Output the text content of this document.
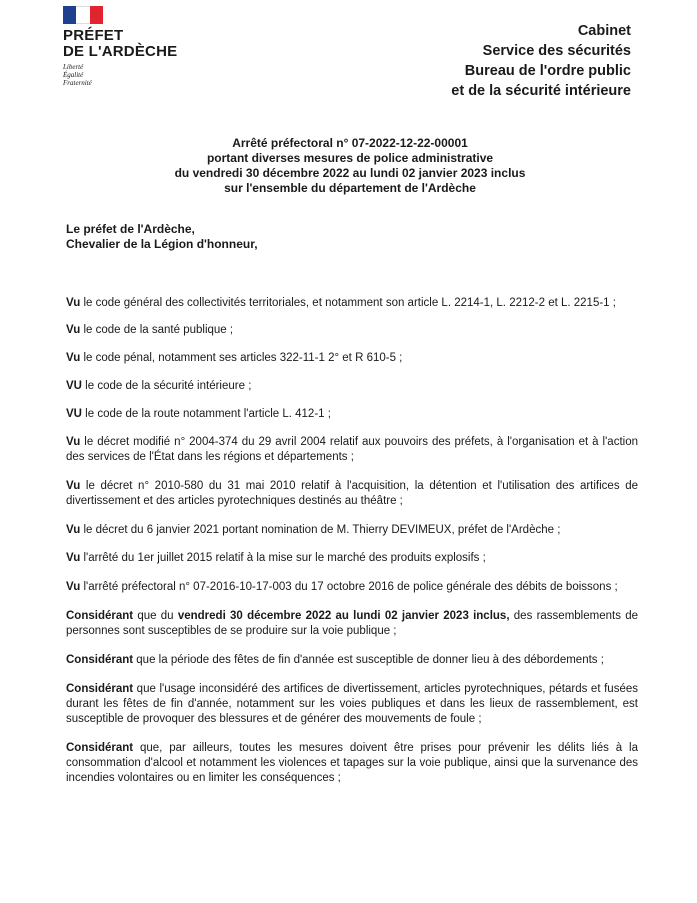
PRÉFET
DE L'ARDÈCHE
Liberté
Égalité
Fraternité
Cabinet
Service des sécurités
Bureau de l'ordre public
et de la sécurité intérieure
Arrêté préfectoral n° 07-2022-12-22-00001
portant diverses mesures de police administrative
du vendredi 30 décembre 2022 au lundi 02 janvier 2023 inclus
sur l'ensemble du département de l'Ardèche
Le préfet de l'Ardèche,
Chevalier de la Légion d'honneur,

Vu le code général des collectivités territoriales, et notamment son article L. 2214-1, L. 2212-2 et L. 2215-1 ;

Vu le code de la santé publique ;

Vu le code pénal, notamment ses articles 322-11-1 2° et R 610-5 ;

VU le code de la sécurité intérieure ;

VU le code de la route notamment l'article L. 412-1 ;

Vu le décret modifié n° 2004-374 du 29 avril 2004 relatif aux pouvoirs des préfets, à l'organisation et à l'action des services de l'État dans les régions et départements ;

Vu le décret n° 2010-580 du 31 mai 2010 relatif à l'acquisition, la détention et l'utilisation des artifices de divertissement et des articles pyrotechniques destinés au théâtre ;

Vu le décret du 6 janvier 2021 portant nomination de M. Thierry DEVIMEUX, préfet de l'Ardèche ;

Vu l'arrêté du 1er juillet 2015 relatif à la mise sur le marché des produits explosifs ;

Vu l'arrêté préfectoral n° 07-2016-10-17-003 du 17 octobre 2016 de police générale des débits de boissons ;

Considérant que du vendredi 30 décembre 2022 au lundi 02 janvier 2023 inclus, des rassemblements de personnes sont susceptibles de se produire sur la voie publique ;

Considérant que la période des fêtes de fin d'année est susceptible de donner lieu à des débordements ;

Considérant que l'usage inconsidéré des artifices de divertissement, articles pyrotechniques, pétards et fusées durant les fêtes de fin d'année, notamment sur les voies publiques et dans les lieux de rassemblement, est susceptible de provoquer des blessures et de générer des mouvements de foule ;

Considérant que, par ailleurs, toutes les mesures doivent être prises pour prévenir les délits liés à la consommation d'alcool et notamment les violences et tapages sur la voie publique, ainsi que la survenance des incendies volontaires ou en limiter les conséquences ;
